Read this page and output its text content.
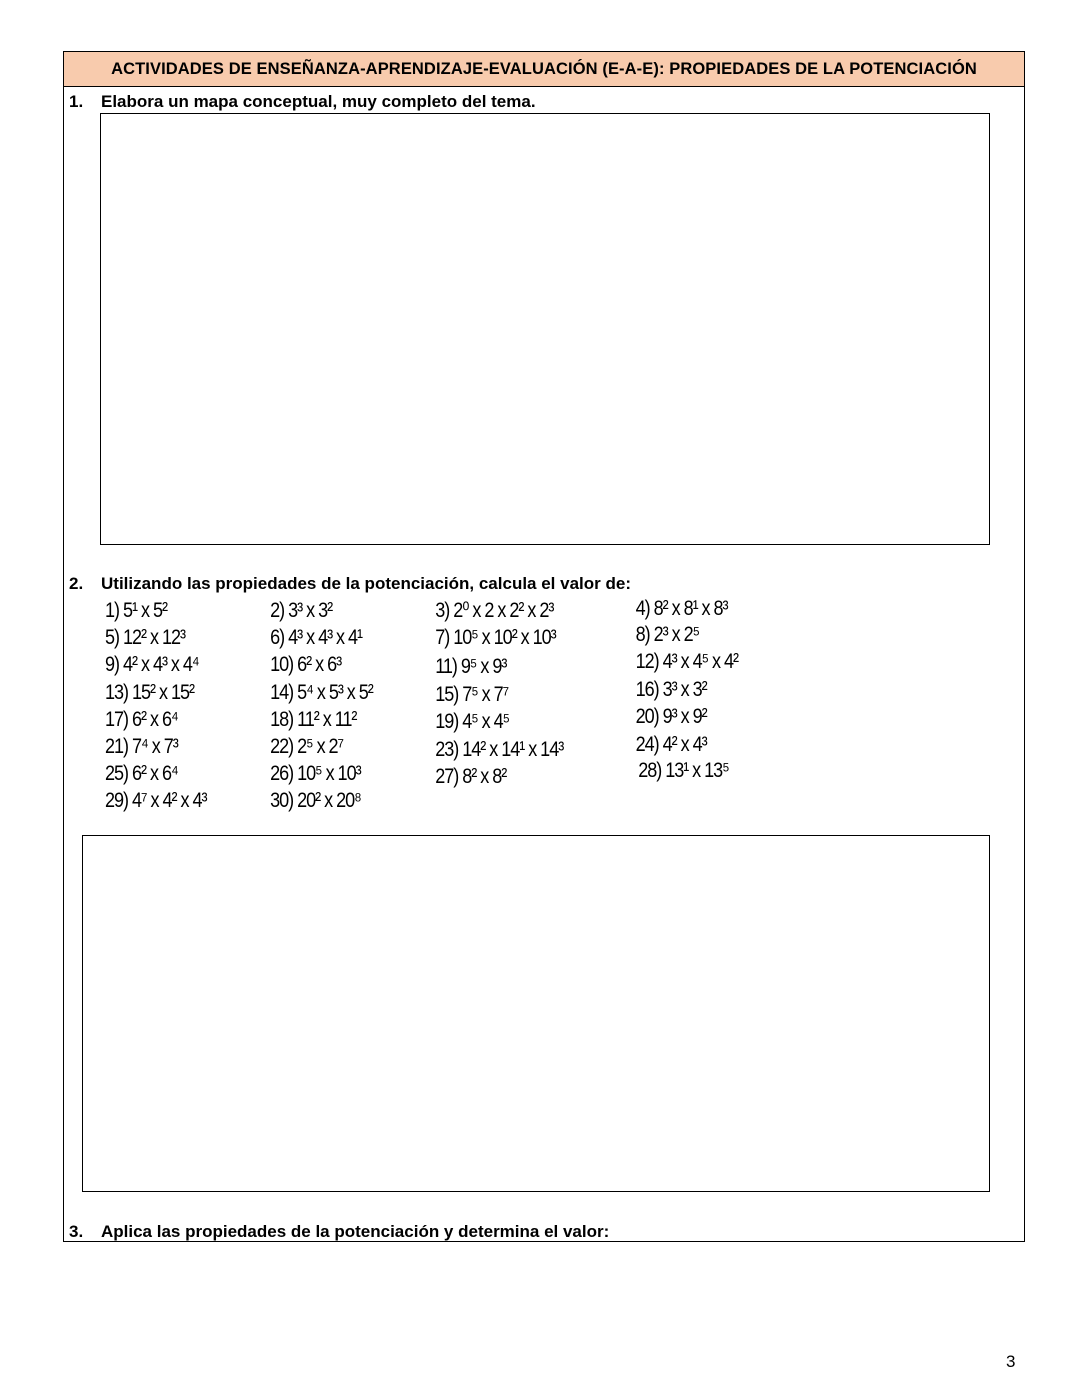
ACTIVIDADES DE ENSEÑANZA-APRENDIZAJE-EVALUACIÓN (E-A-E): PROPIEDADES DE LA POTENCIACIÓN
1. Elabora un mapa conceptual, muy completo del tema.
2. Utilizando las propiedades de la potenciación, calcula el valor de:
1) 5¹ x 5²
5) 12² x 12³
9) 4² x 4³ x 4⁴
13) 15² x 15²
17) 6² x 6⁴
21) 7⁴ x 7³
25) 6² x 6⁴
29) 4⁷ x 4² x 4³
2) 3³ x 3²
6) 4³ x 4³ x 4¹
10) 6² x 6³
14) 5⁴ x 5³ x 5²
18) 11² x 11²
22) 2⁵ x 2⁷
26) 10⁵ x 10³
30) 20² x 20⁸
3) 2⁰ x 2 x 2² x 2³
7) 10⁵ x 10² x 10³
11) 9⁵ x 9³
15) 7⁵ x 7⁷
19) 4⁵ x 4⁵
23) 14² x 14¹ x 14³
27) 8² x 8²
4) 8² x 8¹ x 8³
8) 2³ x 2⁵
12) 4³ x 4⁵ x 4²
16) 3³ x 3²
20) 9³ x 9²
24) 4² x 4³
28) 13¹ x 13⁵
3. Aplica las propiedades de la potenciación y determina el valor:
3
